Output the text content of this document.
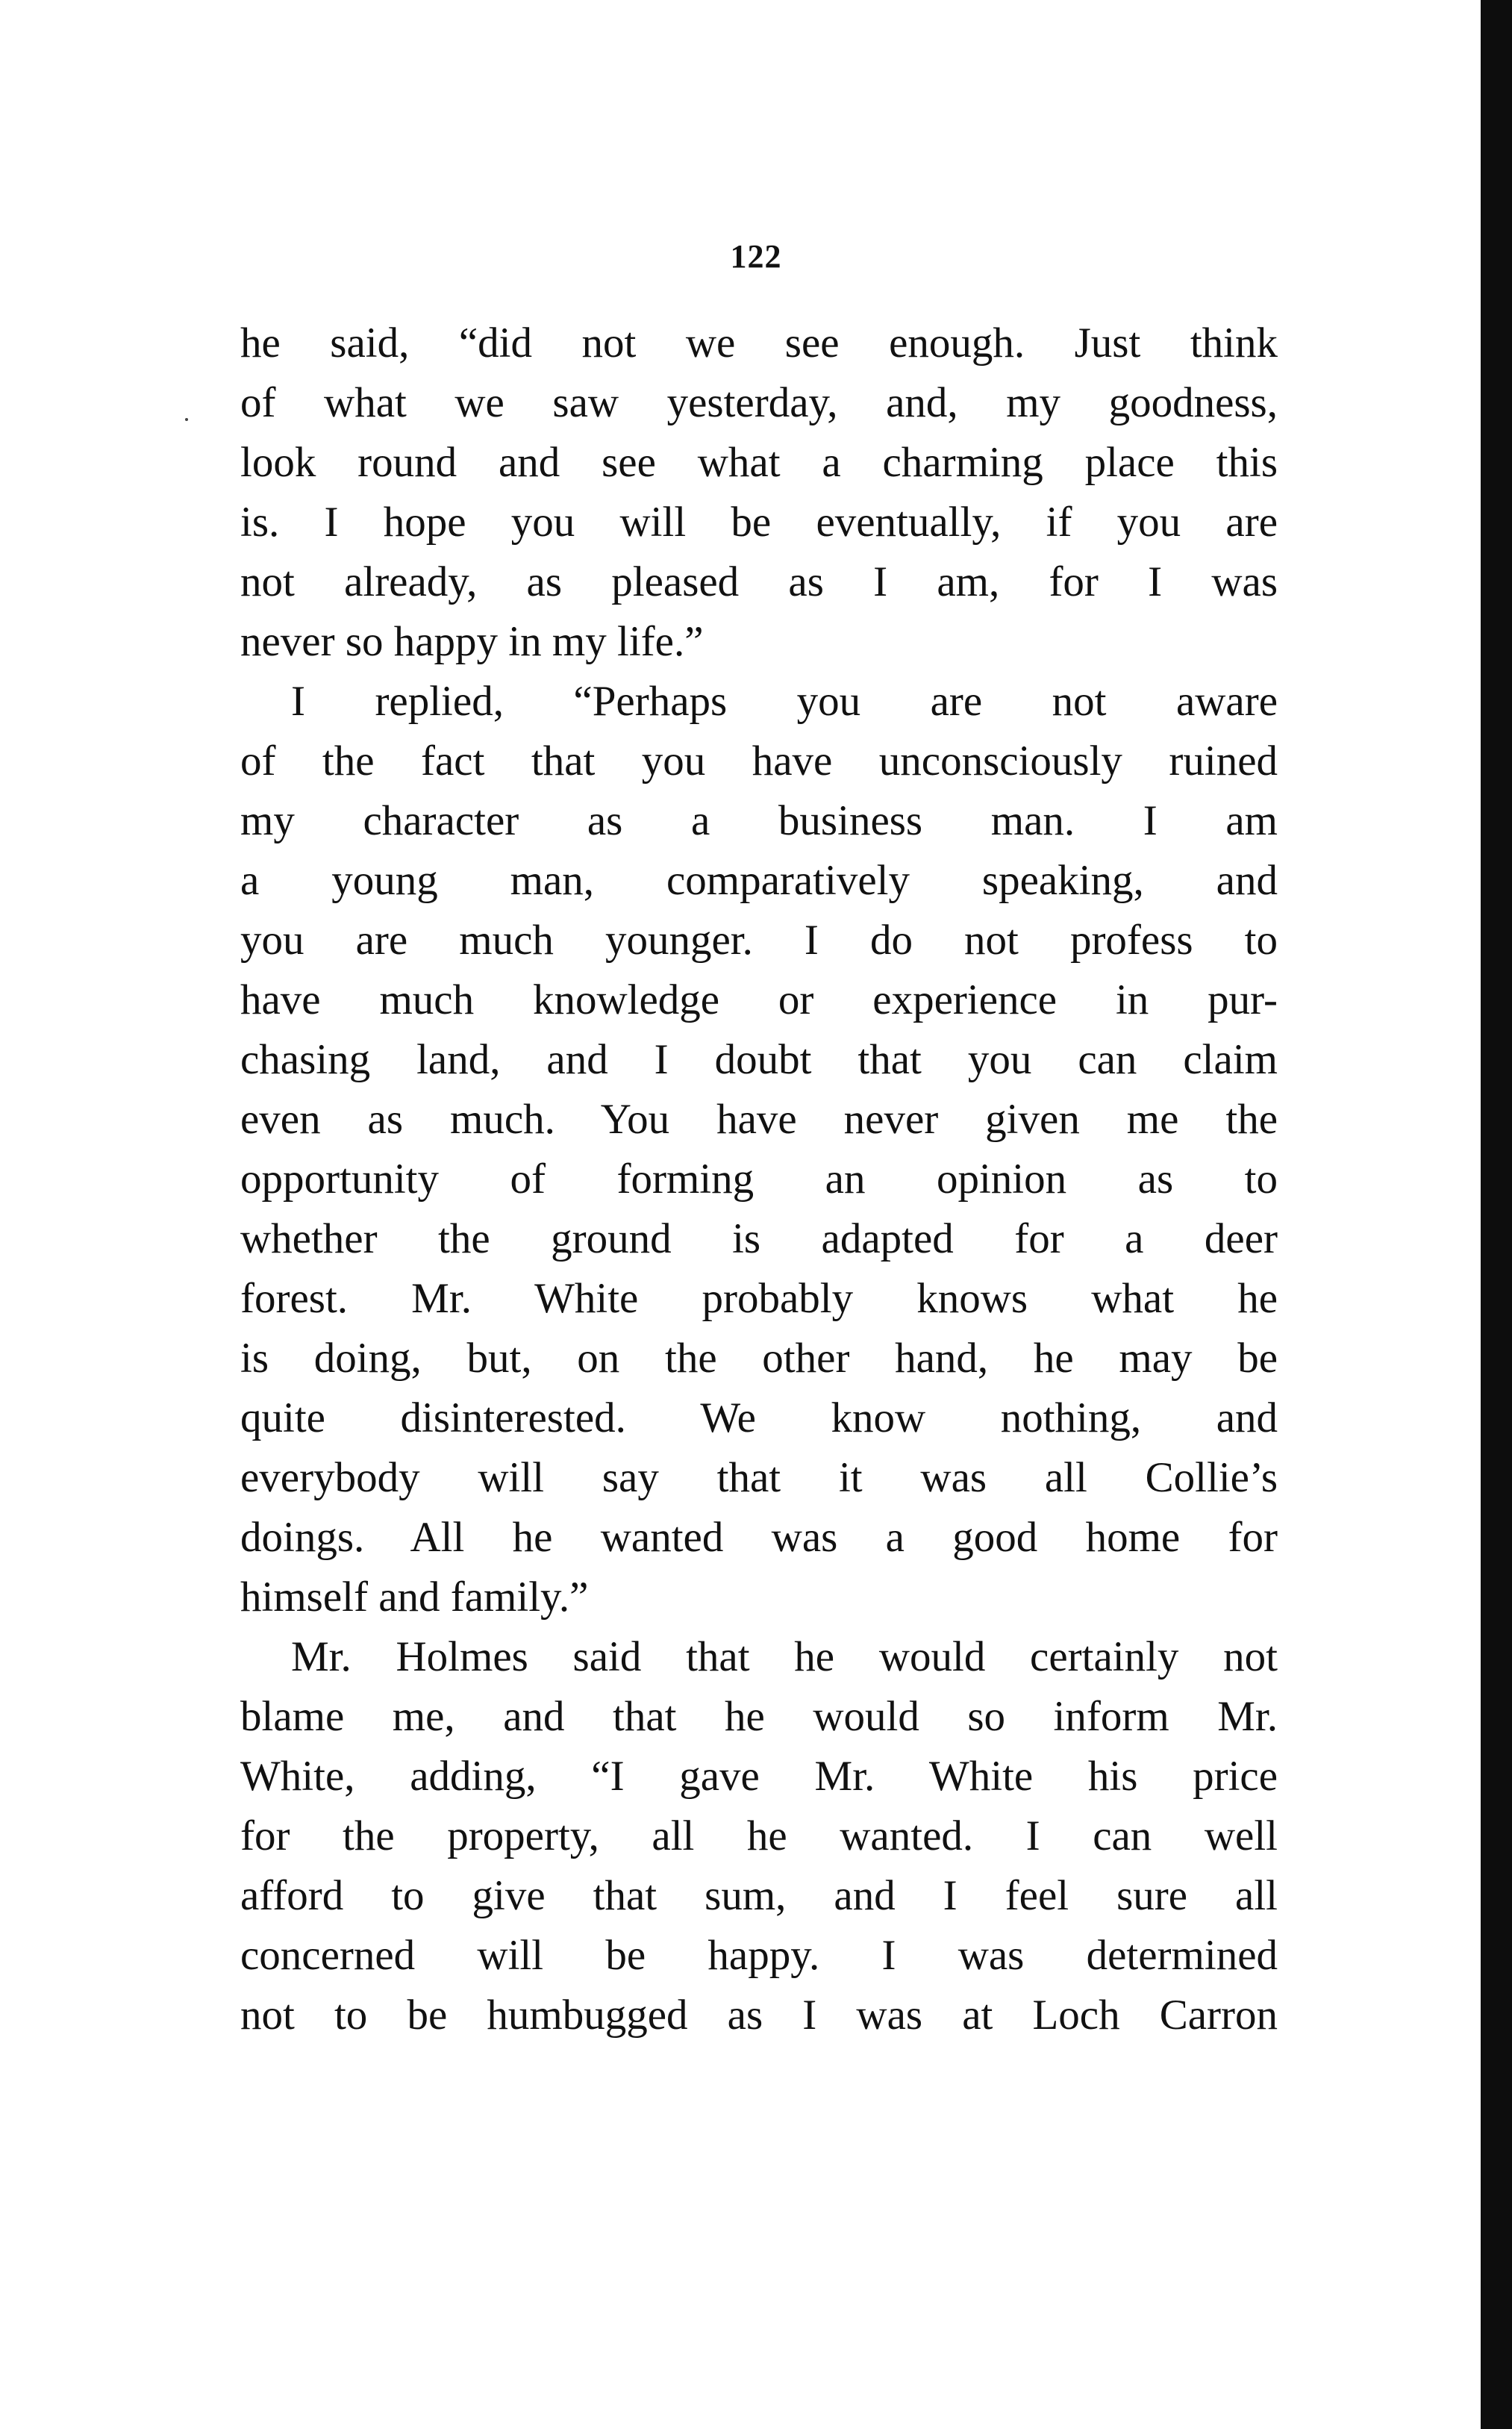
122
he said, “did not we see enough. Just think
of what we saw yesterday, and, my goodness,
look round and see what a charming place this
is. I hope you will be eventually, if you are
not already, as pleased as I am, for I was
never so happy in my life.”
I replied, “Perhaps you are not aware
of the fact that you have unconsciously ruined
my character as a business man. I am
a young man, comparatively speaking, and
you are much younger. I do not profess to
have much knowledge or experience in pur-
chasing land, and I doubt that you can claim
even as much. You have never given me the
opportunity of forming an opinion as to
whether the ground is adapted for a deer
forest. Mr. White probably knows what he
is doing, but, on the other hand, he may be
quite disinterested. We know nothing, and
everybody will say that it was all Collie’s
doings. All he wanted was a good home for
himself and family.”
Mr. Holmes said that he would certainly not
blame me, and that he would so inform Mr.
White, adding, “I gave Mr. White his price
for the property, all he wanted. I can well
afford to give that sum, and I feel sure all
concerned will be happy. I was determined
not to be humbugged as I was at Loch Carron
